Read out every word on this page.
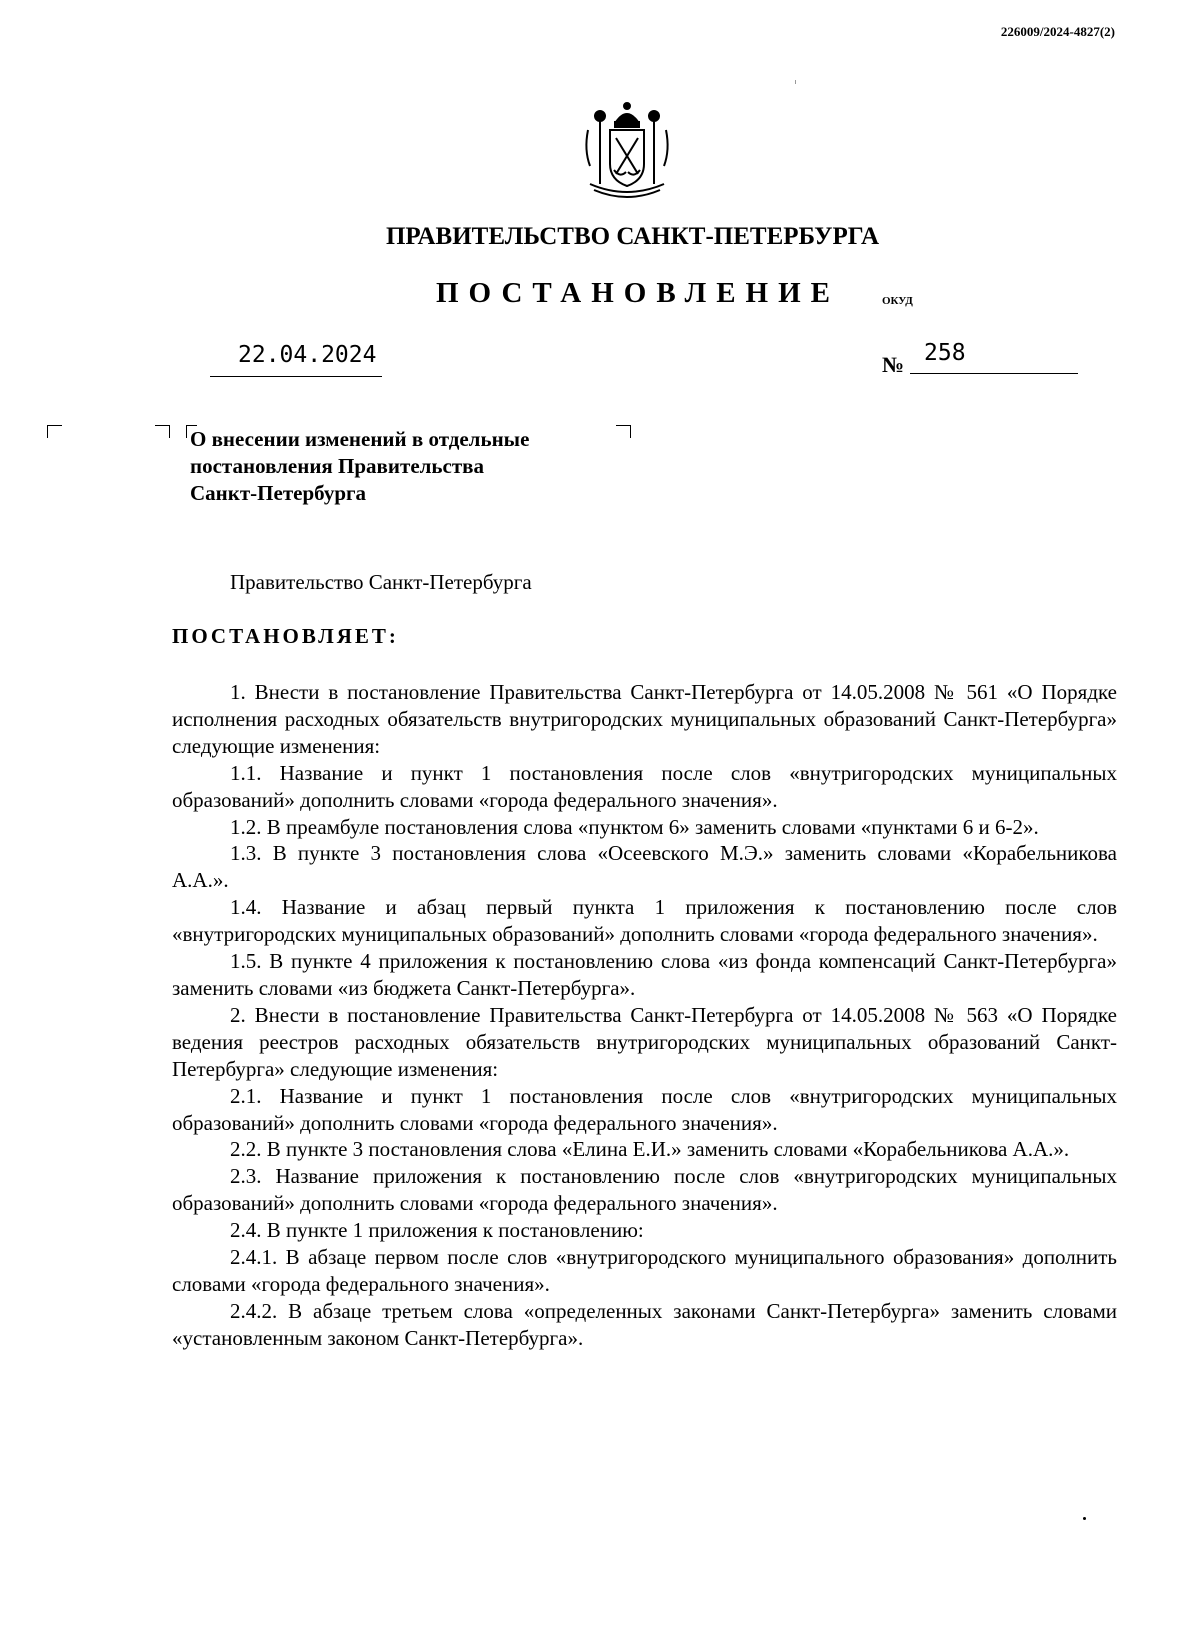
226009/2024-4827(2)
ПРАВИТЕЛЬСТВО САНКТ-ПЕТЕРБУРГА
ПОСТАНОВЛЕНИЕ	ОКУД
22.04.2024	№ 258
О внесении изменений в отдельные
постановления Правительства
Санкт-Петербурга
Правительство Санкт-Петербурга
ПОСТАНОВЛЯЕТ:

1. Внести в постановление Правительства Санкт-Петербурга от 14.05.2008 № 561 «О Порядке исполнения расходных обязательств внутригородских муниципальных образований Санкт-Петербурга» следующие изменения:

1.1. Название и пункт 1 постановления после слов «внутригородских муниципальных образований» дополнить словами «города федерального значения».

1.2. В преамбуле постановления слова «пунктом 6» заменить словами «пунктами 6 и 6-2».

1.3. В пункте 3 постановления слова «Осеевского М.Э.» заменить словами «Корабельникова А.А.».

1.4. Название и абзац первый пункта 1 приложения к постановлению после слов «внутригородских муниципальных образований» дополнить словами «города федерального значения».

1.5. В пункте 4 приложения к постановлению слова «из фонда компенсаций Санкт-Петербурга» заменить словами «из бюджета Санкт-Петербурга».

2. Внести в постановление Правительства Санкт-Петербурга от 14.05.2008 № 563 «О Порядке ведения реестров расходных обязательств внутригородских муниципальных образований Санкт-Петербурга» следующие изменения:

2.1. Название и пункт 1 постановления после слов «внутригородских муниципальных образований» дополнить словами «города федерального значения».

2.2. В пункте 3 постановления слова «Елина Е.И.» заменить словами «Корабельникова А.А.».

2.3. Название приложения к постановлению после слов «внутригородских муниципальных образований» дополнить словами «города федерального значения».

2.4. В пункте 1 приложения к постановлению:

2.4.1. В абзаце первом после слов «внутригородского муниципального образования» дополнить словами «города федерального значения».

2.4.2. В абзаце третьем слова «определенных законами Санкт-Петербурга» заменить словами «установленным законом Санкт-Петербурга».
